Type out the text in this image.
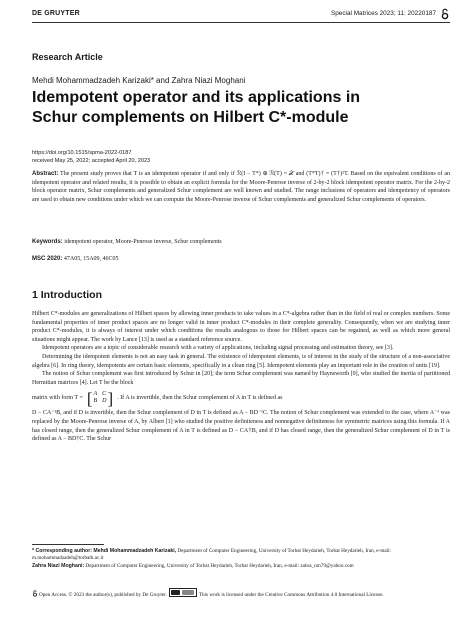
DE GRUYTER	Special Matrices 2023; 11: 20220187
Research Article
Mehdi Mohammadzadeh Karizaki* and Zahra Niazi Moghani
Idempotent operator and its applications in
Schur complements on Hilbert C*-module
https://doi.org/10.1515/spma-2022-0187
received May 25, 2022; accepted April 20, 2023
Abstract: The present study proves that T is an idempotent operator if and only if ℛ(I − T*) ⊕ ℛ(T) = 𝒳 and (T*T)† = (T†)²T. Based on the equivalent conditions of an idempotent operator and related results, it is possible to obtain an explicit formula for the Moore-Penrose inverse of 2-by-2 block idempotent operator matrix. For the 2-by-2 block operator matrix, Schur complements and generalized Schur complement are well known and studied. The range inclusions of operators and idempotency of operators are used to obtain new conditions under which we can compute the Moore-Penrose inverse of Schur complements and generalized Schur complements of operators.
Keywords: idempotent operator, Moore-Penrose inverse, Schur complements
MSC 2020: 47A05, 15A09, 46C05
1 Introduction

Hilbert C*-modules are generalizations of Hilbert spaces by allowing inner products to take values in a C*-algebra rather than in the field of real or complex numbers. Some fundamental properties of inner product spaces are no longer valid in inner product C*-modules in their complete generality. Consequently, when we are studying inner product C*-modules, it is always of interest under which conditions the results analogous to those for Hilbert spaces can be regained, as well as which more general situations might appear. The work by Lance [13] is used as a standard reference source.

Idempotent operators are a topic of considerable research with a variety of applications, including signal processing and estimation theory, see [3].

Determining the idempotent elements is not an easy task in general. The existence of idempotent elements, is of interest in the study of the structure of a non-associative algebra [6]. In ring theory, idempotents are certain basic elements, specifically in a clean ring [5]. Idempotent elements play an important role in the creation of units [19].

The notion of Schur complement was first introduced by Schur in [20]; the term Schur complement was named by Haynsworth [9], who studied the inertia of partitioned Hermitian matrices [4]. Let T be the block

matrix with form T = [ A C
B D ] . If A is invertible, then the Schur complement of A in T is defined as

D − CA⁻¹B, and if D is invertible, then the Schur complement of D in T is defined as A − BD⁻¹C. The notion of Schur complement was extended to the case, where A⁻¹ was replaced by the Moore-Penrose inverse of A, by Albert [1] who studied the positive definiteness and nonnegative definiteness for symmetric matrices using this formula. If A has closed range, then the generalized Schur complement of A in T is defined as D − CA†B, and if D has closed range, then the generalized Schur complement of D in T is defined as A − BD†C. The Schur

* Corresponding author: Mehdi Mohammadzadeh Karizaki, Department of Computer Engineering, University of Torbat Heydarieh, Torbat Heydarieh, Iran, e-mail: m.mohammadzadeh@torbath.ac.ir

Zahra Niazi Moghani: Department of Computer Engineering, University of Torbat Heydarieh, Torbat Heydarieh, Iran, e-mail: zahra_nm79@yahoo.com

Open Access. © 2023 the author(s), published by De Gruyter.	This work is licensed under the Creative Commons Attribution 4.0 International License.
